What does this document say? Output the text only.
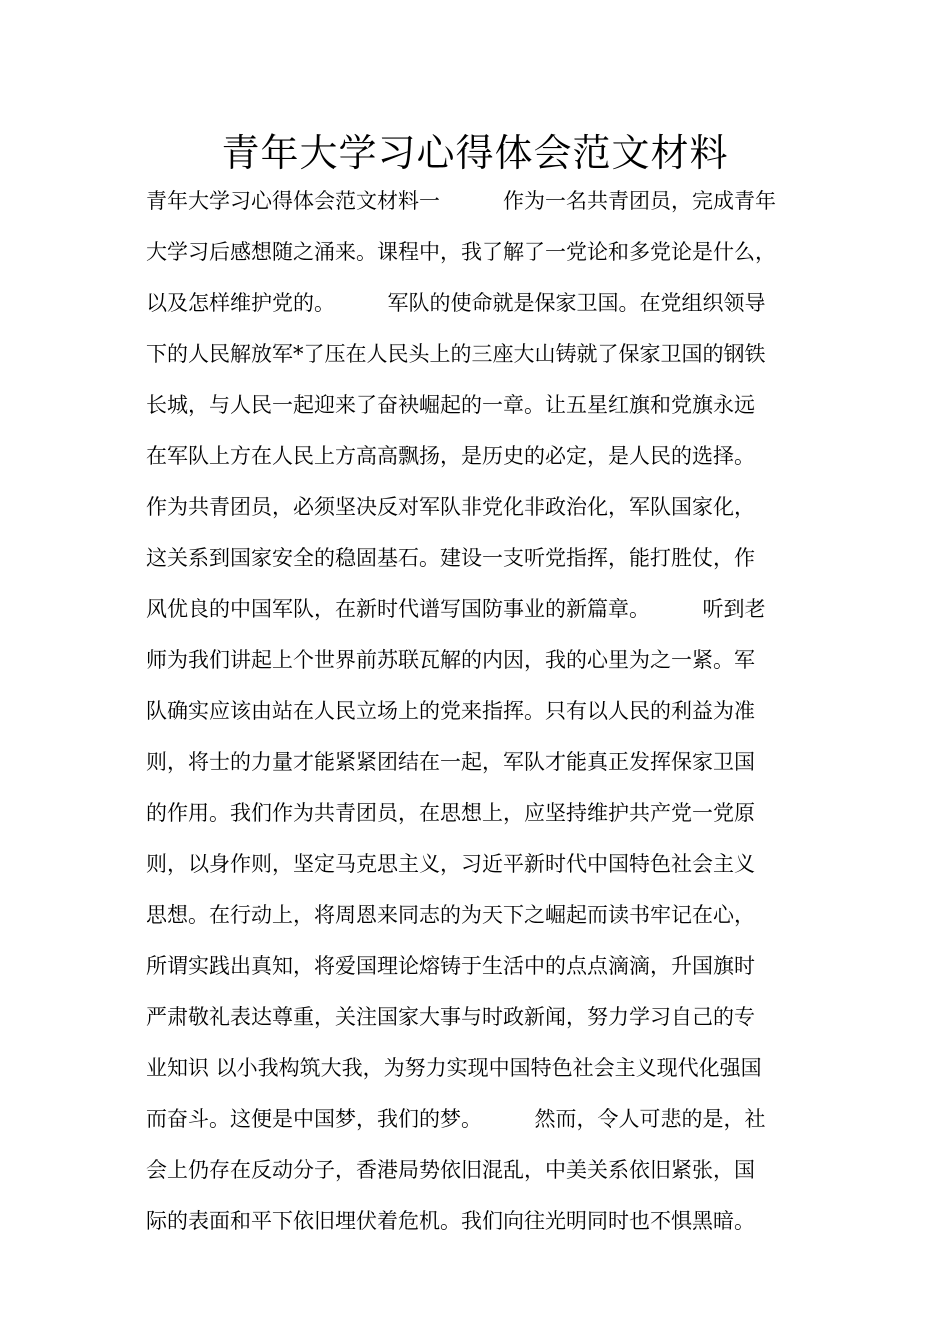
青年大学习心得体会范文材料
青年大学习心得体会范文材料一　　　作为一名共青团员，完成青年
大学习后感想随之涌来。课程中，我了解了一党论和多党论是什么，
以及怎样维护党的。　　　军队的使命就是保家卫国。在党组织领导
下的人民解放军*了压在人民头上的三座大山铸就了保家卫国的钢铁
长城，与人民一起迎来了奋袂崛起的一章。让五星红旗和党旗永远
在军队上方在人民上方高高飘扬，是历史的必定，是人民的选择。
作为共青团员，必须坚决反对军队非党化非政治化，军队国家化，
这关系到国家安全的稳固基石。建设一支听党指挥，能打胜仗，作
风优良的中国军队，在新时代谱写国防事业的新篇章。　　　听到老
师为我们讲起上个世界前苏联瓦解的内因，我的心里为之一紧。军
队确实应该由站在人民立场上的党来指挥。只有以人民的利益为准
则，将士的力量才能紧紧团结在一起，军队才能真正发挥保家卫国
的作用。我们作为共青团员，在思想上，应坚持维护共产党一党原
则，以身作则，坚定马克思主义，习近平新时代中国特色社会主义
思想。在行动上，将周恩来同志的为天下之崛起而读书牢记在心，
所谓实践出真知，将爱国理论熔铸于生活中的点点滴滴，升国旗时
严肃敬礼表达尊重，关注国家大事与时政新闻，努力学习自己的专
业知识 以小我构筑大我，为努力实现中国特色社会主义现代化强国
而奋斗。这便是中国梦，我们的梦。　　　然而，令人可悲的是，社
会上仍存在反动分子，香港局势依旧混乱，中美关系依旧紧张，国
际的表面和平下依旧埋伏着危机。我们向往光明同时也不惧黑暗。
